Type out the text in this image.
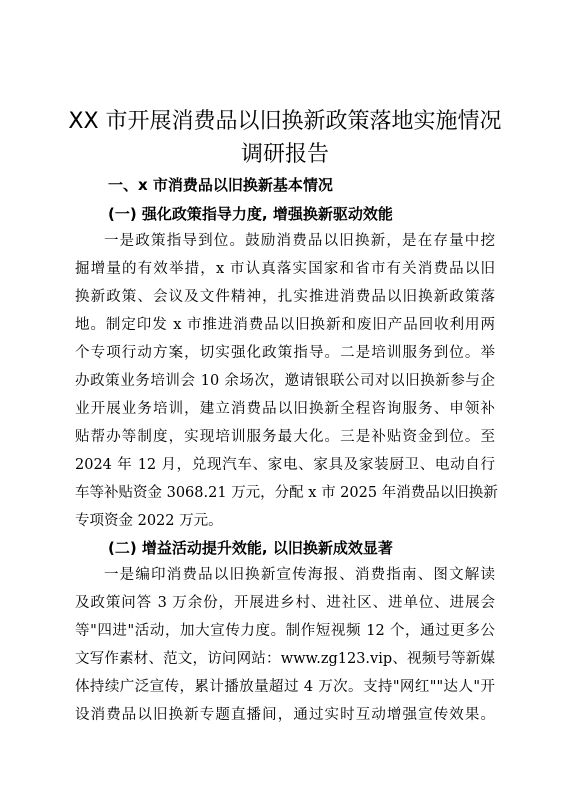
XX 市开展消费品以旧换新政策落地实施情况
调研报告
一、x 市消费品以旧换新基本情况
(一) 强化政策指导力度, 增强换新驱动效能
一是政策指导到位。鼓励消费品以旧换新，是在存量中挖
掘增量的有效举措，x 市认真落实国家和省市有关消费品以旧
换新政策、会议及文件精神，扎实推进消费品以旧换新政策落
地。制定印发 x 市推进消费品以旧换新和废旧产品回收利用两
个专项行动方案，切实强化政策指导。二是培训服务到位。举
办政策业务培训会 10 余场次，邀请银联公司对以旧换新参与企
业开展业务培训，建立消费品以旧换新全程咨询服务、申领补
贴帮办等制度，实现培训服务最大化。三是补贴资金到位。至
2024 年 12 月，兑现汽车、家电、家具及家装厨卫、电动自行
车等补贴资金 3068.21 万元，分配 x 市 2025 年消费品以旧换新
专项资金 2022 万元。
(二) 增益活动提升效能, 以旧换新成效显著
一是编印消费品以旧换新宣传海报、消费指南、图文解读
及政策问答 3 万余份，开展进乡村、进社区、进单位、进展会
等"四进"活动，加大宣传力度。制作短视频 12 个，通过更多公
文写作素材、范文，访问网站：www.zg123.vip、视频号等新媒
体持续广泛宣传，累计播放量超过 4 万次。支持"网红""达人"开
设消费品以旧换新专题直播间，通过实时互动增强宣传效果。
